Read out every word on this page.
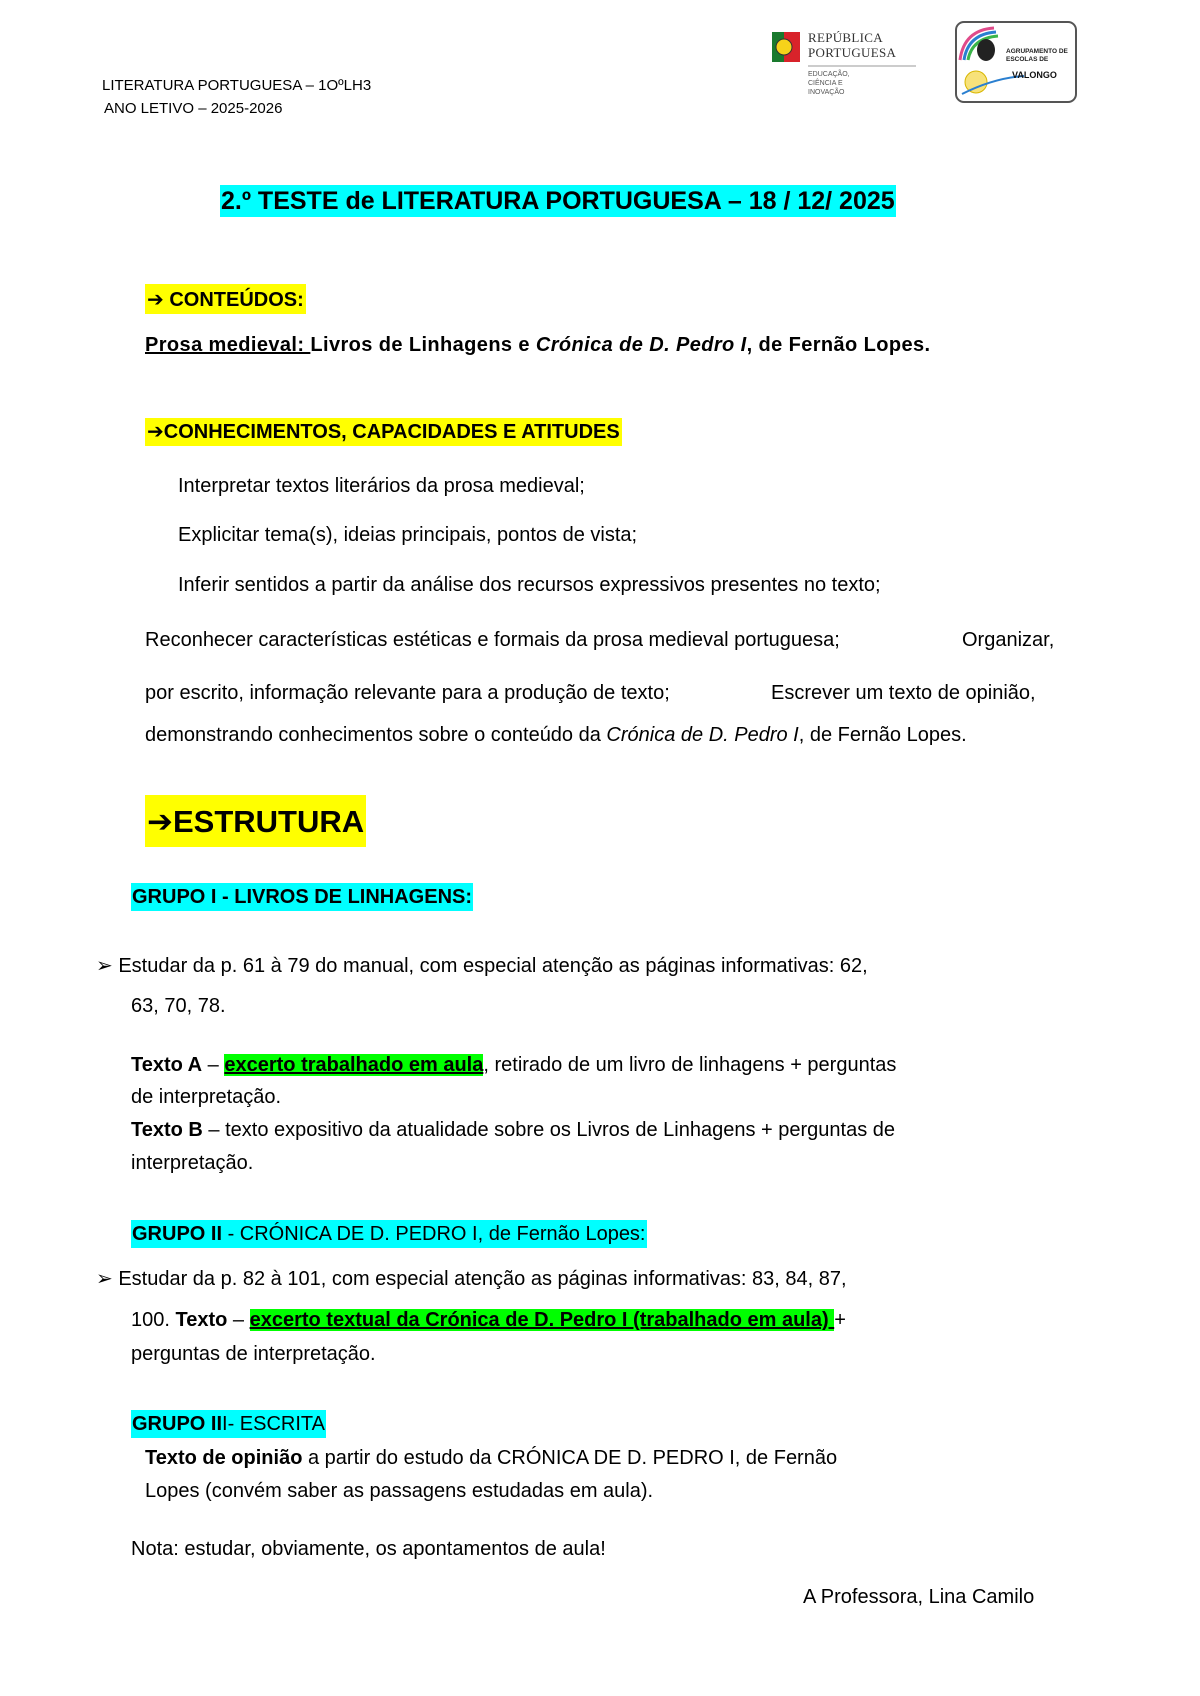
LITERATURA PORTUGUESA – 1OºLH3
ANO LETIVO – 2025-2026
REPÚBLICA PORTUGUESA
EDUCAÇÃO, CIÊNCIA E INOVAÇÃO
AGRUPAMENTO DE ESCOLAS DE
VALONGO
2.º TESTE de LITERATURA PORTUGUESA – 18 / 12/ 2025
➔ CONTEÚDOS:
Prosa medieval: Livros de Linhagens e Crónica de D. Pedro I, de Fernão Lopes.
➔CONHECIMENTOS, CAPACIDADES E ATITUDES
Interpretar textos literários da prosa medieval;
Explicitar tema(s), ideias principais, pontos de vista;
Inferir sentidos a partir da análise dos recursos expressivos presentes no texto;
Reconhecer características estéticas e formais da prosa medieval portuguesa;	Organizar,
por escrito, informação relevante para a produção de texto;	Escrever um texto de opinião,
demonstrando conhecimentos sobre o conteúdo da Crónica de D. Pedro I, de Fernão Lopes.
➔ESTRUTURA
GRUPO I - LIVROS DE LINHAGENS:
➢ Estudar da p. 61 à 79 do manual, com especial atenção as páginas informativas: 62,
63, 70, 78.
Texto A – excerto trabalhado em aula, retirado de um livro de linhagens + perguntas
de interpretação.
Texto B – texto expositivo da atualidade sobre os Livros de Linhagens + perguntas de
interpretação.
GRUPO II - CRÓNICA DE D. PEDRO I, de Fernão Lopes:
➢ Estudar da p. 82 à 101, com especial atenção as páginas informativas: 83, 84, 87,
100. Texto – excerto textual da Crónica de D. Pedro I (trabalhado em aula) +
perguntas de interpretação.
GRUPO III- ESCRITA
Texto de opinião a partir do estudo da CRÓNICA DE D. PEDRO I, de Fernão
Lopes (convém saber as passagens estudadas em aula).
Nota: estudar, obviamente, os apontamentos de aula!
A Professora, Lina Camilo
